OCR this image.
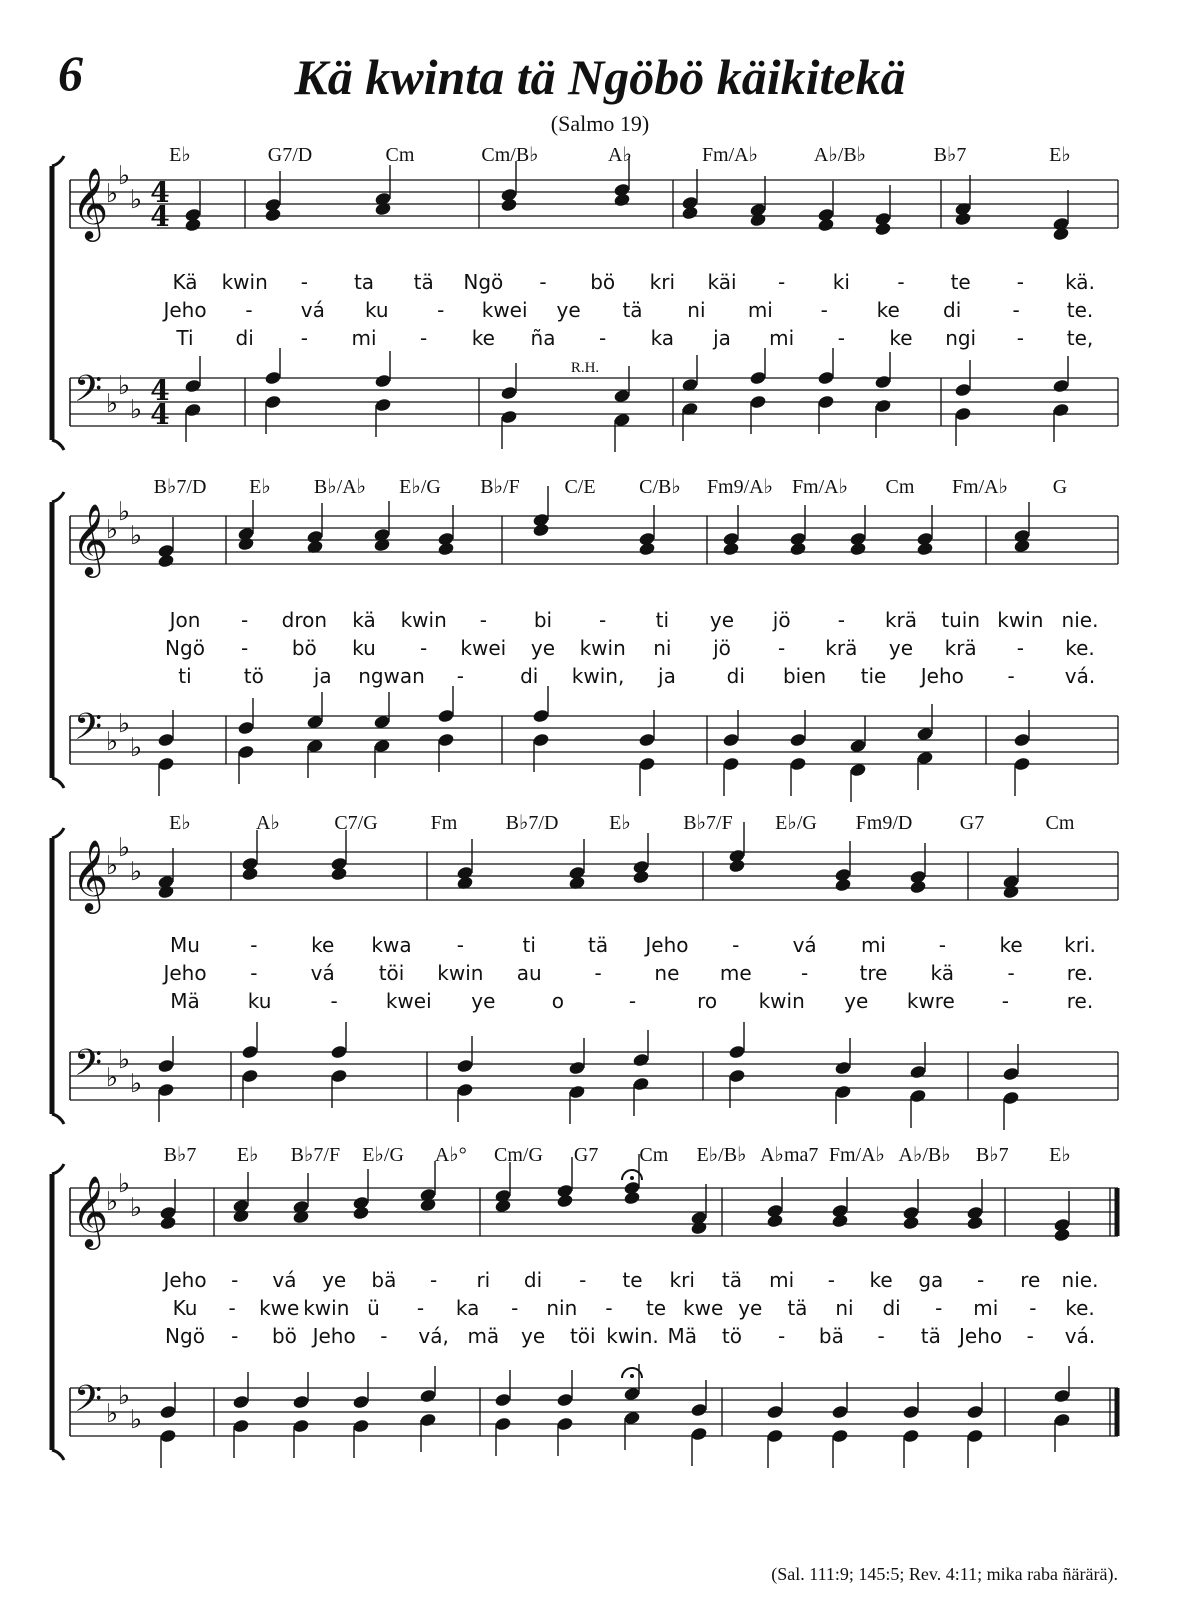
6	Kä kwinta tä Ngöbö käikitekä
(Salmo 19)
𝄞
𝄢
♭
♭
♭
♭
♭
♭
4
4
4
4
E♭	G7/D	Cm	Cm/B♭	A♭	Fm/A♭	A♭/B♭	B♭7	E♭
Kä kwin - ta tä Ngö - bö kri käi - ki - te - kä.
Jeho - vá ku - kwei ye tä ni mi - ke di	- te.
Ti di - mi - ke ña - ka ja mi - ke ngi - te,
R.H.
𝄞
𝄢
♭
♭
♭
♭
♭
♭
B♭7/D E♭ B♭/A♭ E♭/G B♭/F C/E C/B♭ Fm9/A♭ Fm/A♭ Cm Fm/A♭ G
Jon - dron kä kwin - bi - ti ye jö - krä tuin kwin nie.
Ngö - bö ku - kwei ye kwin ni jö - krä ye krä - ke.
ti	tö ja ngwan -	di kwin, ja	di bien tie Jeho -	vá.
𝄞
𝄢
♭
♭
♭
♭
♭
♭
E♭	A♭	C7/G	Fm B♭7/D	E♭	B♭7/F E♭/G Fm9/D G7	Cm
Mu	-	ke kwa -	ti	tä Jeho -	vá mi	-	ke kri.
Jeho -	vá töi kwin au	-	ne me -	tre kä	-	re.
Mä ku	- kwei ye	o	-	ro kwin ye kwre -	re.
𝄞
𝄢
♭
♭
♭
♭
♭
♭
B♭7 E♭ B♭7/F E♭/G A♭° Cm/G G7 Cm E♭/B♭ A♭ma7 Fm/A♭ A♭/B♭ B♭7 E♭
Jeho - vá ye bä - ri di - te kri tä mi - ke ga - re nie.
Ku - kwe kwin ü - ka - nin - te kwe ye tä ni di - mi - ke.
Ngö - bö Jeho - vá, mä ye töi kwin. Mä tö - bä - tä Jeho - vá.
(Sal. 111:9; 145:5; Rev. 4:11; mika raba ñärärä).
